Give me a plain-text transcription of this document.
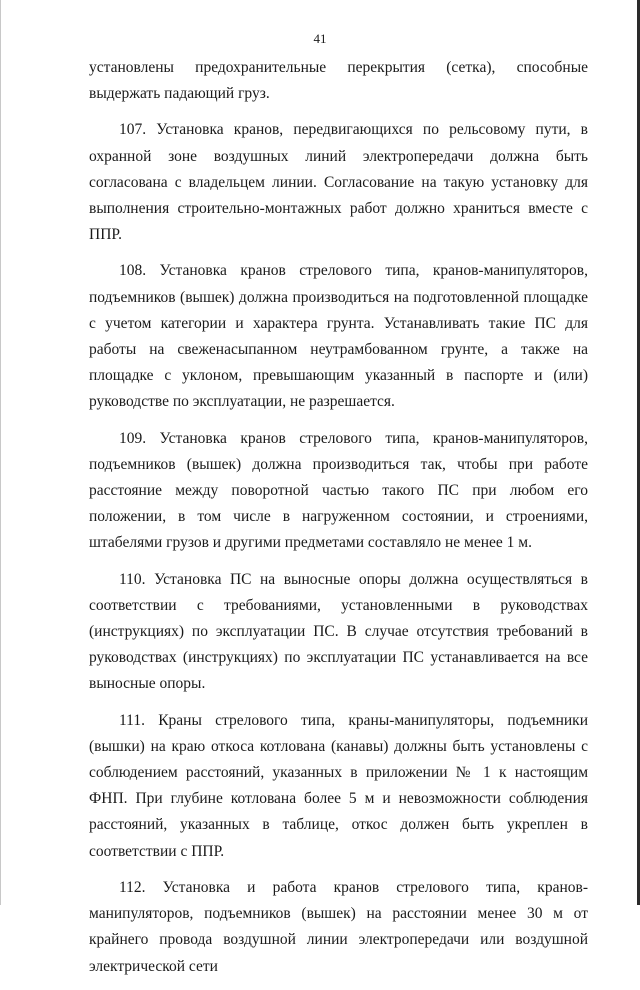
41

установлены предохранительные перекрытия (сетка), способные выдержать падающий груз.

107. Установка кранов, передвигающихся по рельсовому пути, в охранной зоне воздушных линий электропередачи должна быть согласована с владельцем линии. Согласование на такую установку для выполнения строительно-монтажных работ должно храниться вместе с ППР.

108. Установка кранов стрелового типа, кранов-манипуляторов, подъемников (вышек) должна производиться на подготовленной площадке с учетом категории и характера грунта. Устанавливать такие ПС для работы на свеженасыпанном неутрамбованном грунте, а также на площадке с уклоном, превышающим указанный в паспорте и (или) руководстве по эксплуатации, не разрешается.

109. Установка кранов стрелового типа, кранов-манипуляторов, подъемников (вышек) должна производиться так, чтобы при работе расстояние между поворотной частью такого ПС при любом его положении, в том числе в нагруженном состоянии, и строениями, штабелями грузов и другими предметами составляло не менее 1 м.

110. Установка ПС на выносные опоры должна осуществляться в соответствии с требованиями, установленными в руководствах (инструкциях) по эксплуатации ПС. В случае отсутствия требований в руководствах (инструкциях) по эксплуатации ПС устанавливается на все выносные опоры.

111. Краны стрелового типа, краны-манипуляторы, подъемники (вышки) на краю откоса котлована (канавы) должны быть установлены с соблюдением расстояний, указанных в приложении № 1 к настоящим ФНП. При глубине котлована более 5 м и невозможности соблюдения расстояний, указанных в таблице, откос должен быть укреплен в соответствии с ППР.

112. Установка и работа кранов стрелового типа, кранов-манипуляторов, подъемников (вышек) на расстоянии менее 30 м от крайнего провода воздушной линии электропередачи или воздушной электрической сети
